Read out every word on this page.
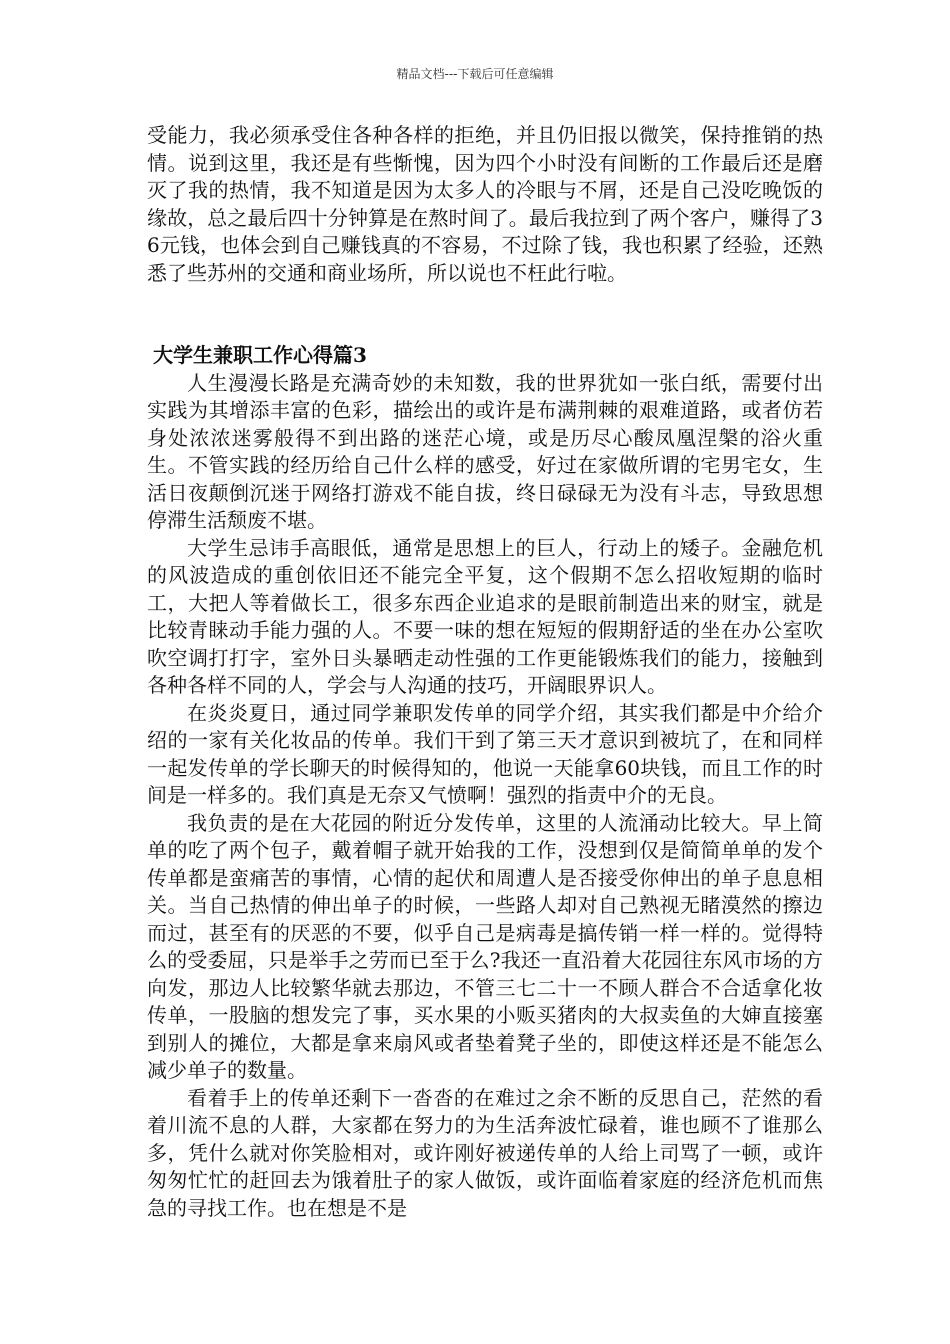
精品文档---下载后可任意编辑

受能力，我必须承受住各种各样的拒绝，并且仍旧报以微笑，保持推销的热情。说到这里，我还是有些惭愧，因为四个小时没有间断的工作最后还是磨灭了我的热情，我不知道是因为太多人的冷眼与不屑，还是自己没吃晚饭的缘故，总之最后四十分钟算是在熬时间了。最后我拉到了两个客户，赚得了36元钱，也体会到自己赚钱真的不容易，不过除了钱，我也积累了经验，还熟悉了些苏州的交通和商业场所，所以说也不枉此行啦。

大学生兼职工作心得篇3

人生漫漫长路是充满奇妙的未知数，我的世界犹如一张白纸，需要付出实践为其增添丰富的色彩，描绘出的或许是布满荆棘的艰难道路，或者仿若身处浓浓迷雾般得不到出路的迷茫心境，或是历尽心酸凤凰涅槃的浴火重生。不管实践的经历给自己什么样的感受，好过在家做所谓的宅男宅女，生活日夜颠倒沉迷于网络打游戏不能自拔，终日碌碌无为没有斗志，导致思想停滞生活颓废不堪。

大学生忌讳手高眼低，通常是思想上的巨人，行动上的矮子。金融危机的风波造成的重创依旧还不能完全平复，这个假期不怎么招收短期的临时工，大把人等着做长工，很多东西企业追求的是眼前制造出来的财宝，就是比较青睐动手能力强的人。不要一味的想在短短的假期舒适的坐在办公室吹吹空调打打字，室外日头暴晒走动性强的工作更能锻炼我们的能力，接触到各种各样不同的人，学会与人沟通的技巧，开阔眼界识人。

在炎炎夏日，通过同学兼职发传单的同学介绍，其实我们都是中介给介绍的一家有关化妆品的传单。我们干到了第三天才意识到被坑了，在和同样一起发传单的学长聊天的时候得知的，他说一天能拿60块钱，而且工作的时间是一样多的。我们真是无奈又气愤啊！强烈的指责中介的无良。

我负责的是在大花园的附近分发传单，这里的人流涌动比较大。早上简单的吃了两个包子，戴着帽子就开始我的工作，没想到仅是简简单单的发个传单都是蛮痛苦的事情，心情的起伏和周遭人是否接受你伸出的单子息息相关。当自己热情的伸出单子的时候，一些路人却对自己熟视无睹漠然的擦边而过，甚至有的厌恶的不要，似乎自己是病毒是搞传销一样一样的。觉得特么的受委屈，只是举手之劳而已至于么?我还一直沿着大花园往东风市场的方向发，那边人比较繁华就去那边，不管三七二十一不顾人群合不合适拿化妆传单，一股脑的想发完了事，买水果的小贩买猪肉的大叔卖鱼的大婶直接塞到别人的摊位，大都是拿来扇风或者垫着凳子坐的，即使这样还是不能怎么减少单子的数量。

看着手上的传单还剩下一沓沓的在难过之余不断的反思自己，茫然的看着川流不息的人群，大家都在努力的为生活奔波忙碌着，谁也顾不了谁那么多，凭什么就对你笑脸相对，或许刚好被递传单的人给上司骂了一顿，或许匆匆忙忙的赶回去为饿着肚子的家人做饭，或许面临着家庭的经济危机而焦急的寻找工作。也在想是不是
